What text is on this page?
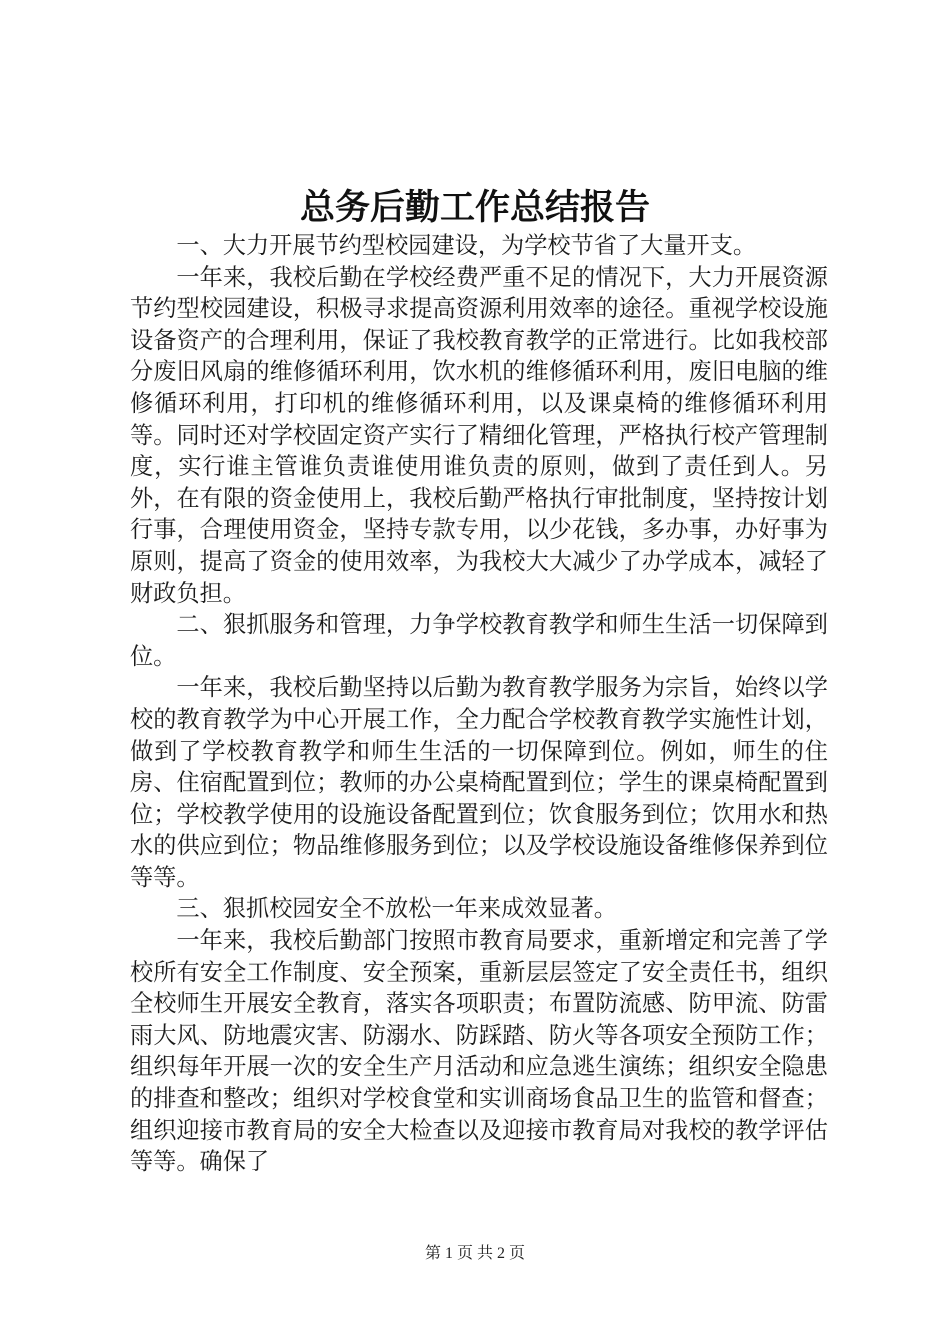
总务后勤工作总结报告

一、大力开展节约型校园建设，为学校节省了大量开支。

一年来，我校后勤在学校经费严重不足的情况下，大力开展资源节约型校园建设，积极寻求提高资源利用效率的途径。重视学校设施设备资产的合理利用，保证了我校教育教学的正常进行。比如我校部分废旧风扇的维修循环利用，饮水机的维修循环利用，废旧电脑的维修循环利用，打印机的维修循环利用，以及课桌椅的维修循环利用等。同时还对学校固定资产实行了精细化管理，严格执行校产管理制度，实行谁主管谁负责谁使用谁负责的原则，做到了责任到人。另外，在有限的资金使用上，我校后勤严格执行审批制度，坚持按计划行事，合理使用资金，坚持专款专用，以少花钱，多办事，办好事为原则，提高了资金的使用效率，为我校大大减少了办学成本，减轻了财政负担。

二、狠抓服务和管理，力争学校教育教学和师生生活一切保障到位。

一年来，我校后勤坚持以后勤为教育教学服务为宗旨，始终以学校的教育教学为中心开展工作，全力配合学校教育教学实施性计划，做到了学校教育教学和师生生活的一切保障到位。例如，师生的住房、住宿配置到位；教师的办公桌椅配置到位；学生的课桌椅配置到位；学校教学使用的设施设备配置到位；饮食服务到位；饮用水和热水的供应到位；物品维修服务到位；以及学校设施设备维修保养到位等等。

三、狠抓校园安全不放松一年来成效显著。

一年来，我校后勤部门按照市教育局要求，重新增定和完善了学校所有安全工作制度、安全预案，重新层层签定了安全责任书，组织全校师生开展安全教育，落实各项职责；布置防流感、防甲流、防雷雨大风、防地震灾害、防溺水、防踩踏、防火等各项安全预防工作；组织每年开展一次的安全生产月活动和应急逃生演练；组织安全隐患的排查和整改；组织对学校食堂和实训商场食品卫生的监管和督查；组织迎接市教育局的安全大检查以及迎接市教育局对我校的教学评估等等。确保了

第 1 页 共 2 页
